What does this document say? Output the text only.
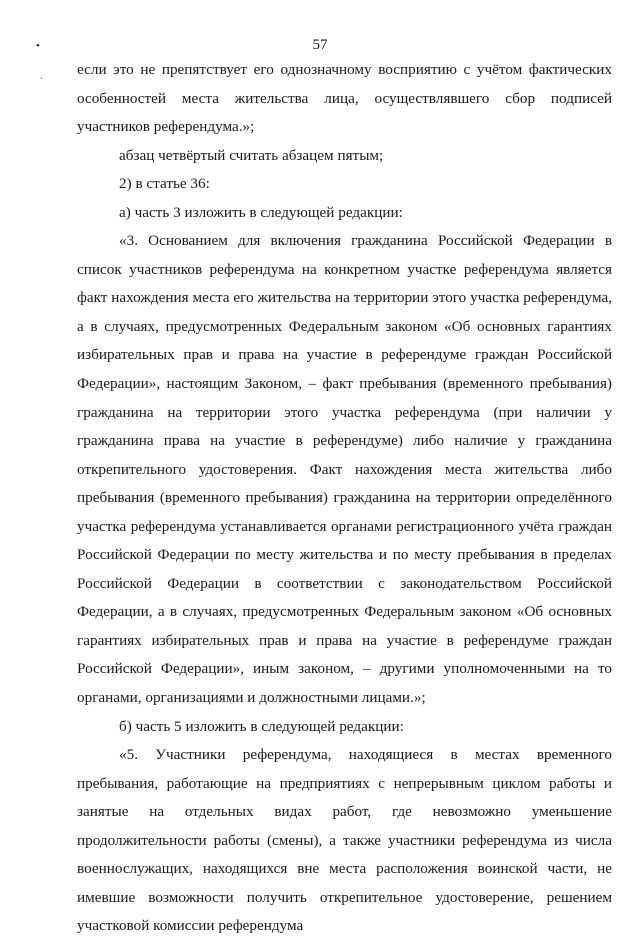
57
•
`

если это не препятствует его однозначному восприятию с учётом фактических особенностей места жительства лица, осуществлявшего сбор подписей участников референдума.»;

абзац четвёртый считать абзацем пятым;

2) в статье 36:

а) часть 3 изложить в следующей редакции:

«3. Основанием для включения гражданина Российской Федерации в список участников референдума на конкретном участке референдума является факт нахождения места его жительства на территории этого участка референдума, а в случаях, предусмотренных Федеральным законом «Об основных гарантиях избирательных прав и права на участие в референдуме граждан Российской Федерации», настоящим Законом, – факт пребывания (временного пребывания) гражданина на территории этого участка референдума (при наличии у гражданина права на участие в референдуме) либо наличие у гражданина открепительного удостоверения. Факт нахождения места жительства либо пребывания (временного пребывания) гражданина на территории определённого участка референдума устанавливается органами регистрационного учёта граждан Российской Федерации по месту жительства и по месту пребывания в пределах Российской Федерации в соответствии с законодательством Российской Федерации, а в случаях, предусмотренных Федеральным законом «Об основных гарантиях избирательных прав и права на участие в референдуме граждан Российской Федерации», иным законом, – другими уполномоченными на то органами, организациями и должностными лицами.»;

б) часть 5 изложить в следующей редакции:

«5. Участники референдума, находящиеся в местах временного пребывания, работающие на предприятиях с непрерывным циклом работы и занятые на отдельных видах работ, где невозможно уменьшение продолжительности работы (смены), а также участники референдума из числа военнослужащих, находящихся вне места расположения воинской части, не имевшие возможности получить открепительное удостоверение, решением участковой комиссии референдума
